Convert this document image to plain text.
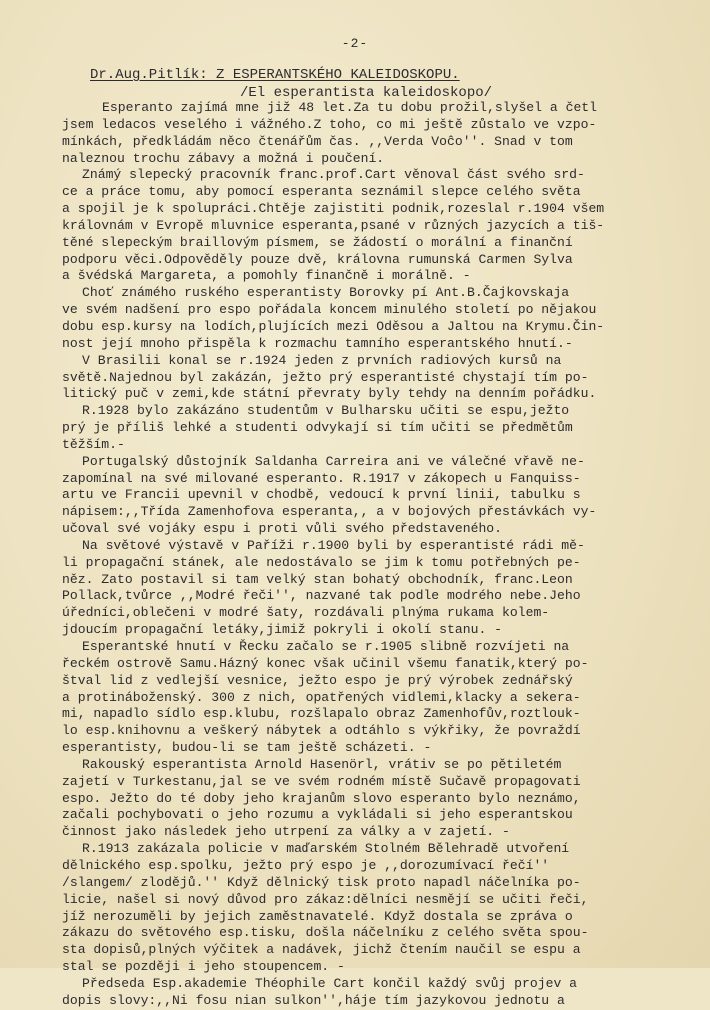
-2-
Dr.Aug.Pitlík: Z ESPERANTSKÉHO KALEIDOSKOPU.
/El esperantista kaleidoskopo/
Esperanto zajímá mne již 48 let.Za tu dobu prožil,slyšel a četl
jsem ledacos veselého i vážného.Z toho, co mi ještě zůstalo ve vzpo-
mínkách, předkládám něco čtenářům čas. ,,Verda Voĉo''. Snad v tom
naleznou trochu zábavy a možná i poučení.
Známý slepecký pracovník franc.prof.Cart věnoval část svého srd-
ce a práce tomu, aby pomocí esperanta seznámil slepce celého světa
a spojil je k spolupráci.Chtěje zajistiti podnik,rozeslal r.1904 všem
královnám v Evropě mluvnice esperanta,psané v různých jazycích a tiš-
těné slepeckým braillovým písmem, se žádostí o morální a finanční
podporu věci.Odpověděly pouze dvě, královna rumunská Carmen Sylva
a švédská Margareta, a pomohly finančně i morálně. -
Choť známého ruského esperantisty Borovky pí Ant.B.Čajkovskaja
ve svém nadšení pro espo pořádala koncem minulého století po nějakou
dobu esp.kursy na lodích,plujících mezi Oděsou a Jaltou na Krymu.Čin-
nost její mnoho přispěla k rozmachu tamního esperantského hnutí.-
V Brasilii konal se r.1924 jeden z prvních radiových kursů na
světě.Najednou byl zakázán, ježto prý esperantisté chystají tím po-
litický puč v zemi,kde státní převraty byly tehdy na denním pořádku.
R.1928 bylo zakázáno studentům v Bulharsku učiti se espu,ježto
prý je příliš lehké a studenti odvykají si tím učiti se předmětům
těžším.-
Portugalský důstojník Saldanha Carreira ani ve válečné vřavě ne-
zapomínal na své milované esperanto. R.1917 v zákopech u Fanquiss-
artu ve Francii upevnil v chodbě, vedoucí k první linii, tabulku s
nápisem:,,Třída Zamenhofova esperanta,, a v bojových přestávkách vy-
učoval své vojáky espu i proti vůli svého představeného.
Na světové výstavě v Paříži r.1900 byli by esperantisté rádi mě-
li propagační stánek, ale nedostávalo se jim k tomu potřebných pe-
něz. Zato postavil si tam velký stan bohatý obchodník, franc.Leon
Pollack,tvůrce ,,Modré řeči'', nazvané tak podle modrého nebe.Jeho
úředníci,oblečeni v modré šaty, rozdávali plnýma rukama kolem-
jdoucím propagační letáky,jimiž pokryli i okolí stanu. -
Esperantské hnutí v Řecku začalo se r.1905 slibně rozvíjeti na
řeckém ostrově Samu.Házný konec však učinil všemu fanatik,který po-
štval lid z vedlejší vesnice, ježto espo je prý výrobek zednářský
a protináboženský. 300 z nich, opatřených vidlemi,klacky a sekera-
mi, napadlo sídlo esp.klubu, rozšlapalo obraz Zamenhofův,roztlouk-
lo esp.knihovnu a veškerý nábytek a odtáhlo s výkřiky, že povraždí
esperantisty, budou-li se tam ještě scházeti. -
Rakouský esperantista Arnold Hasenörl, vrátiv se po pětiletém
zajetí v Turkestanu,jal se ve svém rodném místě Sučavě propagovati
espo. Ježto do té doby jeho krajanům slovo esperanto bylo neznámo,
začali pochybovati o jeho rozumu a vykládali si jeho esperantskou
činnost jako následek jeho utrpení za války a v zajetí. -
R.1913 zakázala policie v maďarském Stolném Bělehradě utvoření
dělnického esp.spolku, ježto prý espo je ,,dorozumívací řečí''
/slangem/ zlodějů.'' Když dělnický tisk proto napadl náčelníka po-
licie, našel si nový důvod pro zákaz:dělníci nesmějí se učiti řeči,
jíž nerozuměli by jejich zaměstnavatelé. Když dostala se zpráva o
zákazu do světového esp.tisku, došla náčelníku z celého světa spou-
sta dopisů,plných výčitek a nadávek, jichž čtením naučil se espu a
stal se později i jeho stoupencem. -
Předseda Esp.akademie Théophile Cart končil každý svůj projev a
dopis slovy:,,Ni fosu nian sulkon'',háje tím jazykovou jednotu a
